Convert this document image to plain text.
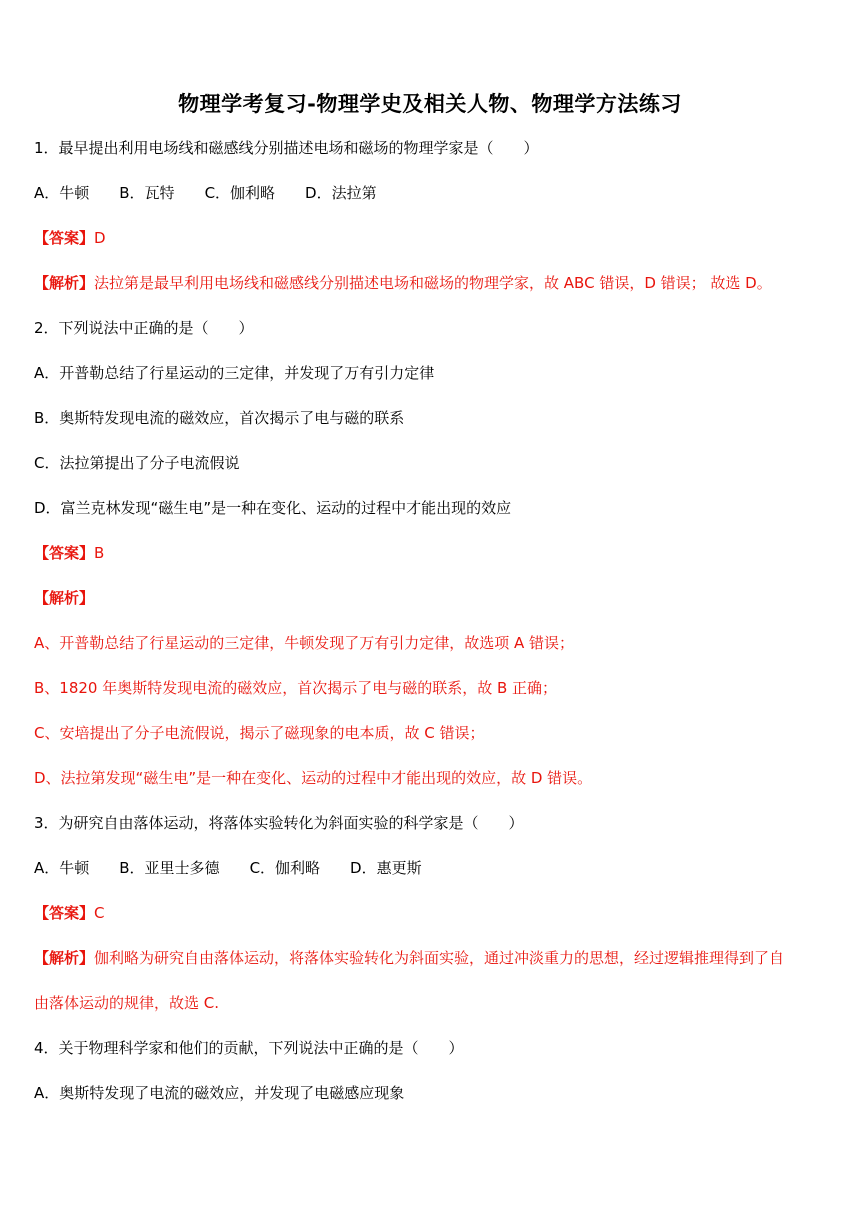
物理学考复习-物理学史及相关人物、物理学方法练习
1．最早提出利用电场线和磁感线分别描述电场和磁场的物理学家是（　　）
A．牛顿 B．瓦特 C．伽利略 D．法拉第
【答案】D
【解析】法拉第是最早利用电场线和磁感线分别描述电场和磁场的物理学家，故 ABC 错误，D 错误； 故选 D。
2．下列说法中正确的是（　　）
A．开普勒总结了行星运动的三定律，并发现了万有引力定律
B．奥斯特发现电流的磁效应，首次揭示了电与磁的联系
C．法拉第提出了分子电流假说
D．富兰克林发现“磁生电”是一种在变化、运动的过程中才能出现的效应
【答案】B
【解析】
A、开普勒总结了行星运动的三定律，牛顿发现了万有引力定律，故选项 A 错误；
B、1820 年奥斯特发现电流的磁效应，首次揭示了电与磁的联系，故 B 正确；
C、安培提出了分子电流假说，揭示了磁现象的电本质，故 C 错误；
D、法拉第发现“磁生电”是一种在变化、运动的过程中才能出现的效应，故 D 错误。
3．为研究自由落体运动，将落体实验转化为斜面实验的科学家是（　　）
A．牛顿 B．亚里士多德 C．伽利略 D．惠更斯
【答案】C
【解析】伽利略为研究自由落体运动，将落体实验转化为斜面实验，通过冲淡重力的思想，经过逻辑推理得到了自
由落体运动的规律，故选 C.
4．关于物理科学家和他们的贡献，下列说法中正确的是（　　）
A．奥斯特发现了电流的磁效应，并发现了电磁感应现象
